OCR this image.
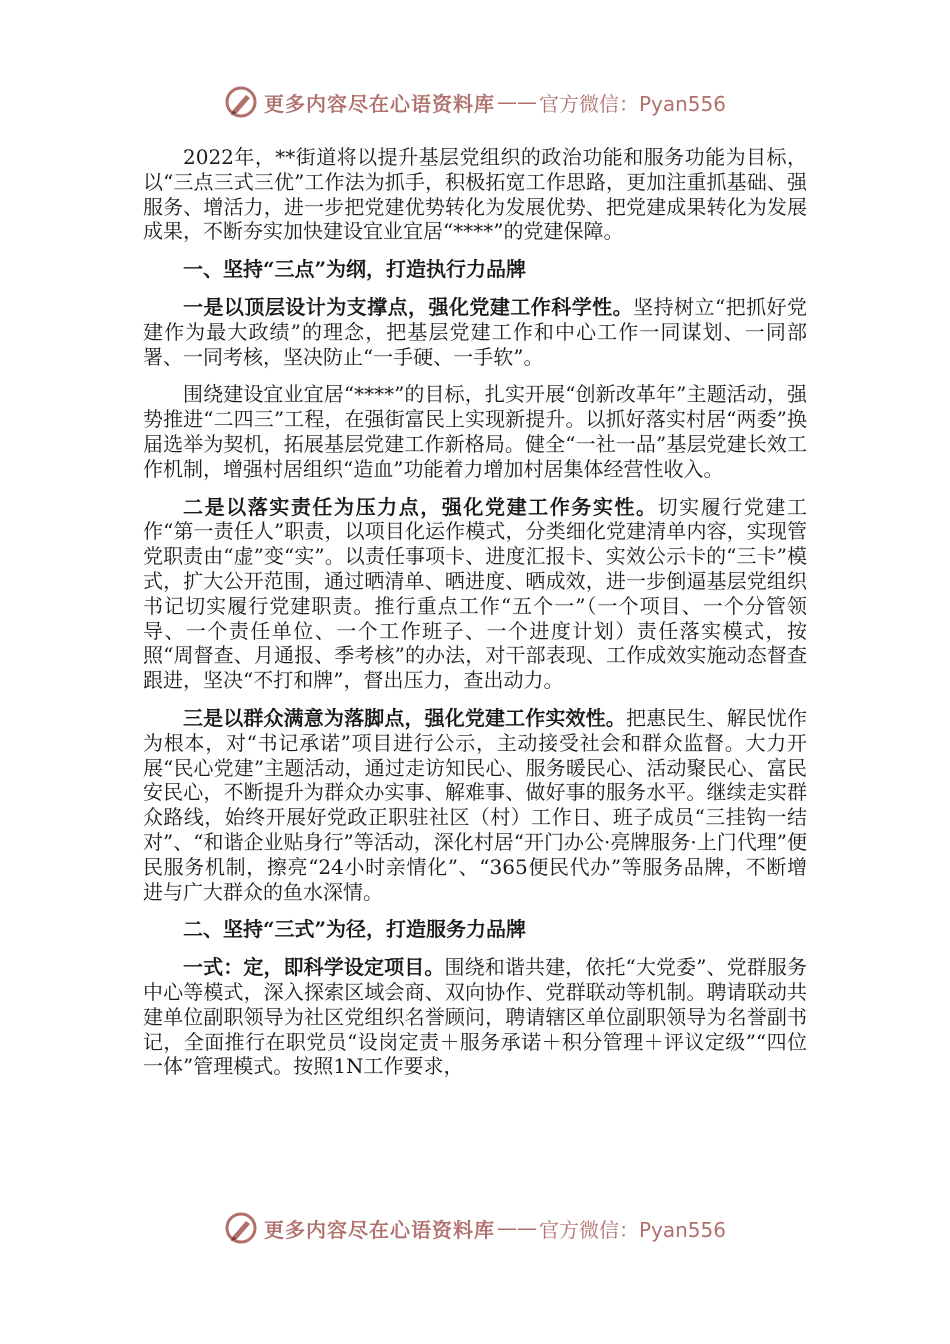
更多内容尽在心语资料库 —— 官方微信：Pyan556

2022年，**街道将以提升基层党组织的政治功能和服务功能为目标，以“三点三式三优”工作法为抓手，积极拓宽工作思路，更加注重抓基础、强服务、增活力，进一步把党建优势转化为发展优势、把党建成果转化为发展成果，不断夯实加快建设宜业宜居“****”的党建保障。

一、坚持“三点”为纲，打造执行力品牌

一是以顶层设计为支撑点，强化党建工作科学性。坚持树立“把抓好党建作为最大政绩”的理念，把基层党建工作和中心工作一同谋划、一同部署、一同考核，坚决防止“一手硬、一手软”。

围绕建设宜业宜居“****”的目标，扎实开展“创新改革年”主题活动，强势推进“二四三”工程，在强街富民上实现新提升。以抓好落实村居“两委”换届选举为契机，拓展基层党建工作新格局。健全“一社一品”基层党建长效工作机制，增强村居组织“造血”功能着力增加村居集体经营性收入。

二是以落实责任为压力点，强化党建工作务实性。切实履行党建工作“第一责任人”职责，以项目化运作模式，分类细化党建清单内容，实现管党职责由“虚”变“实”。以责任事项卡、进度汇报卡、实效公示卡的“三卡”模式，扩大公开范围，通过晒清单、晒进度、晒成效，进一步倒逼基层党组织书记切实履行党建职责。推行重点工作“五个一”（一个项目、一个分管领导、一个责任单位、一个工作班子、一个进度计划）责任落实模式，按照“周督查、月通报、季考核”的办法，对干部表现、工作成效实施动态督查跟进，坚决“不打和牌”，督出压力，查出动力。

三是以群众满意为落脚点，强化党建工作实效性。把惠民生、解民忧作为根本，对“书记承诺”项目进行公示，主动接受社会和群众监督。大力开展“民心党建”主题活动，通过走访知民心、服务暖民心、活动聚民心、富民安民心，不断提升为群众办实事、解难事、做好事的服务水平。继续走实群众路线，始终开展好党政正职驻社区（村）工作日、班子成员“三挂钩一结对”、“和谐企业贴身行”等活动，深化村居“开门办公·亮牌服务·上门代理”便民服务机制，擦亮“24小时亲情化”、“365便民代办”等服务品牌，不断增进与广大群众的鱼水深情。

二、坚持“三式”为径，打造服务力品牌

一式：定，即科学设定项目。围绕和谐共建，依托“大党委”、党群服务中心等模式，深入探索区域会商、双向协作、党群联动等机制。聘请联动共建单位副职领导为社区党组织名誉顾问，聘请辖区单位副职领导为名誉副书记，全面推行在职党员“设岗定责＋服务承诺＋积分管理＋评议定级”“四位一体”管理模式。按照1N工作要求，

更多内容尽在心语资料库 —— 官方微信：Pyan556
